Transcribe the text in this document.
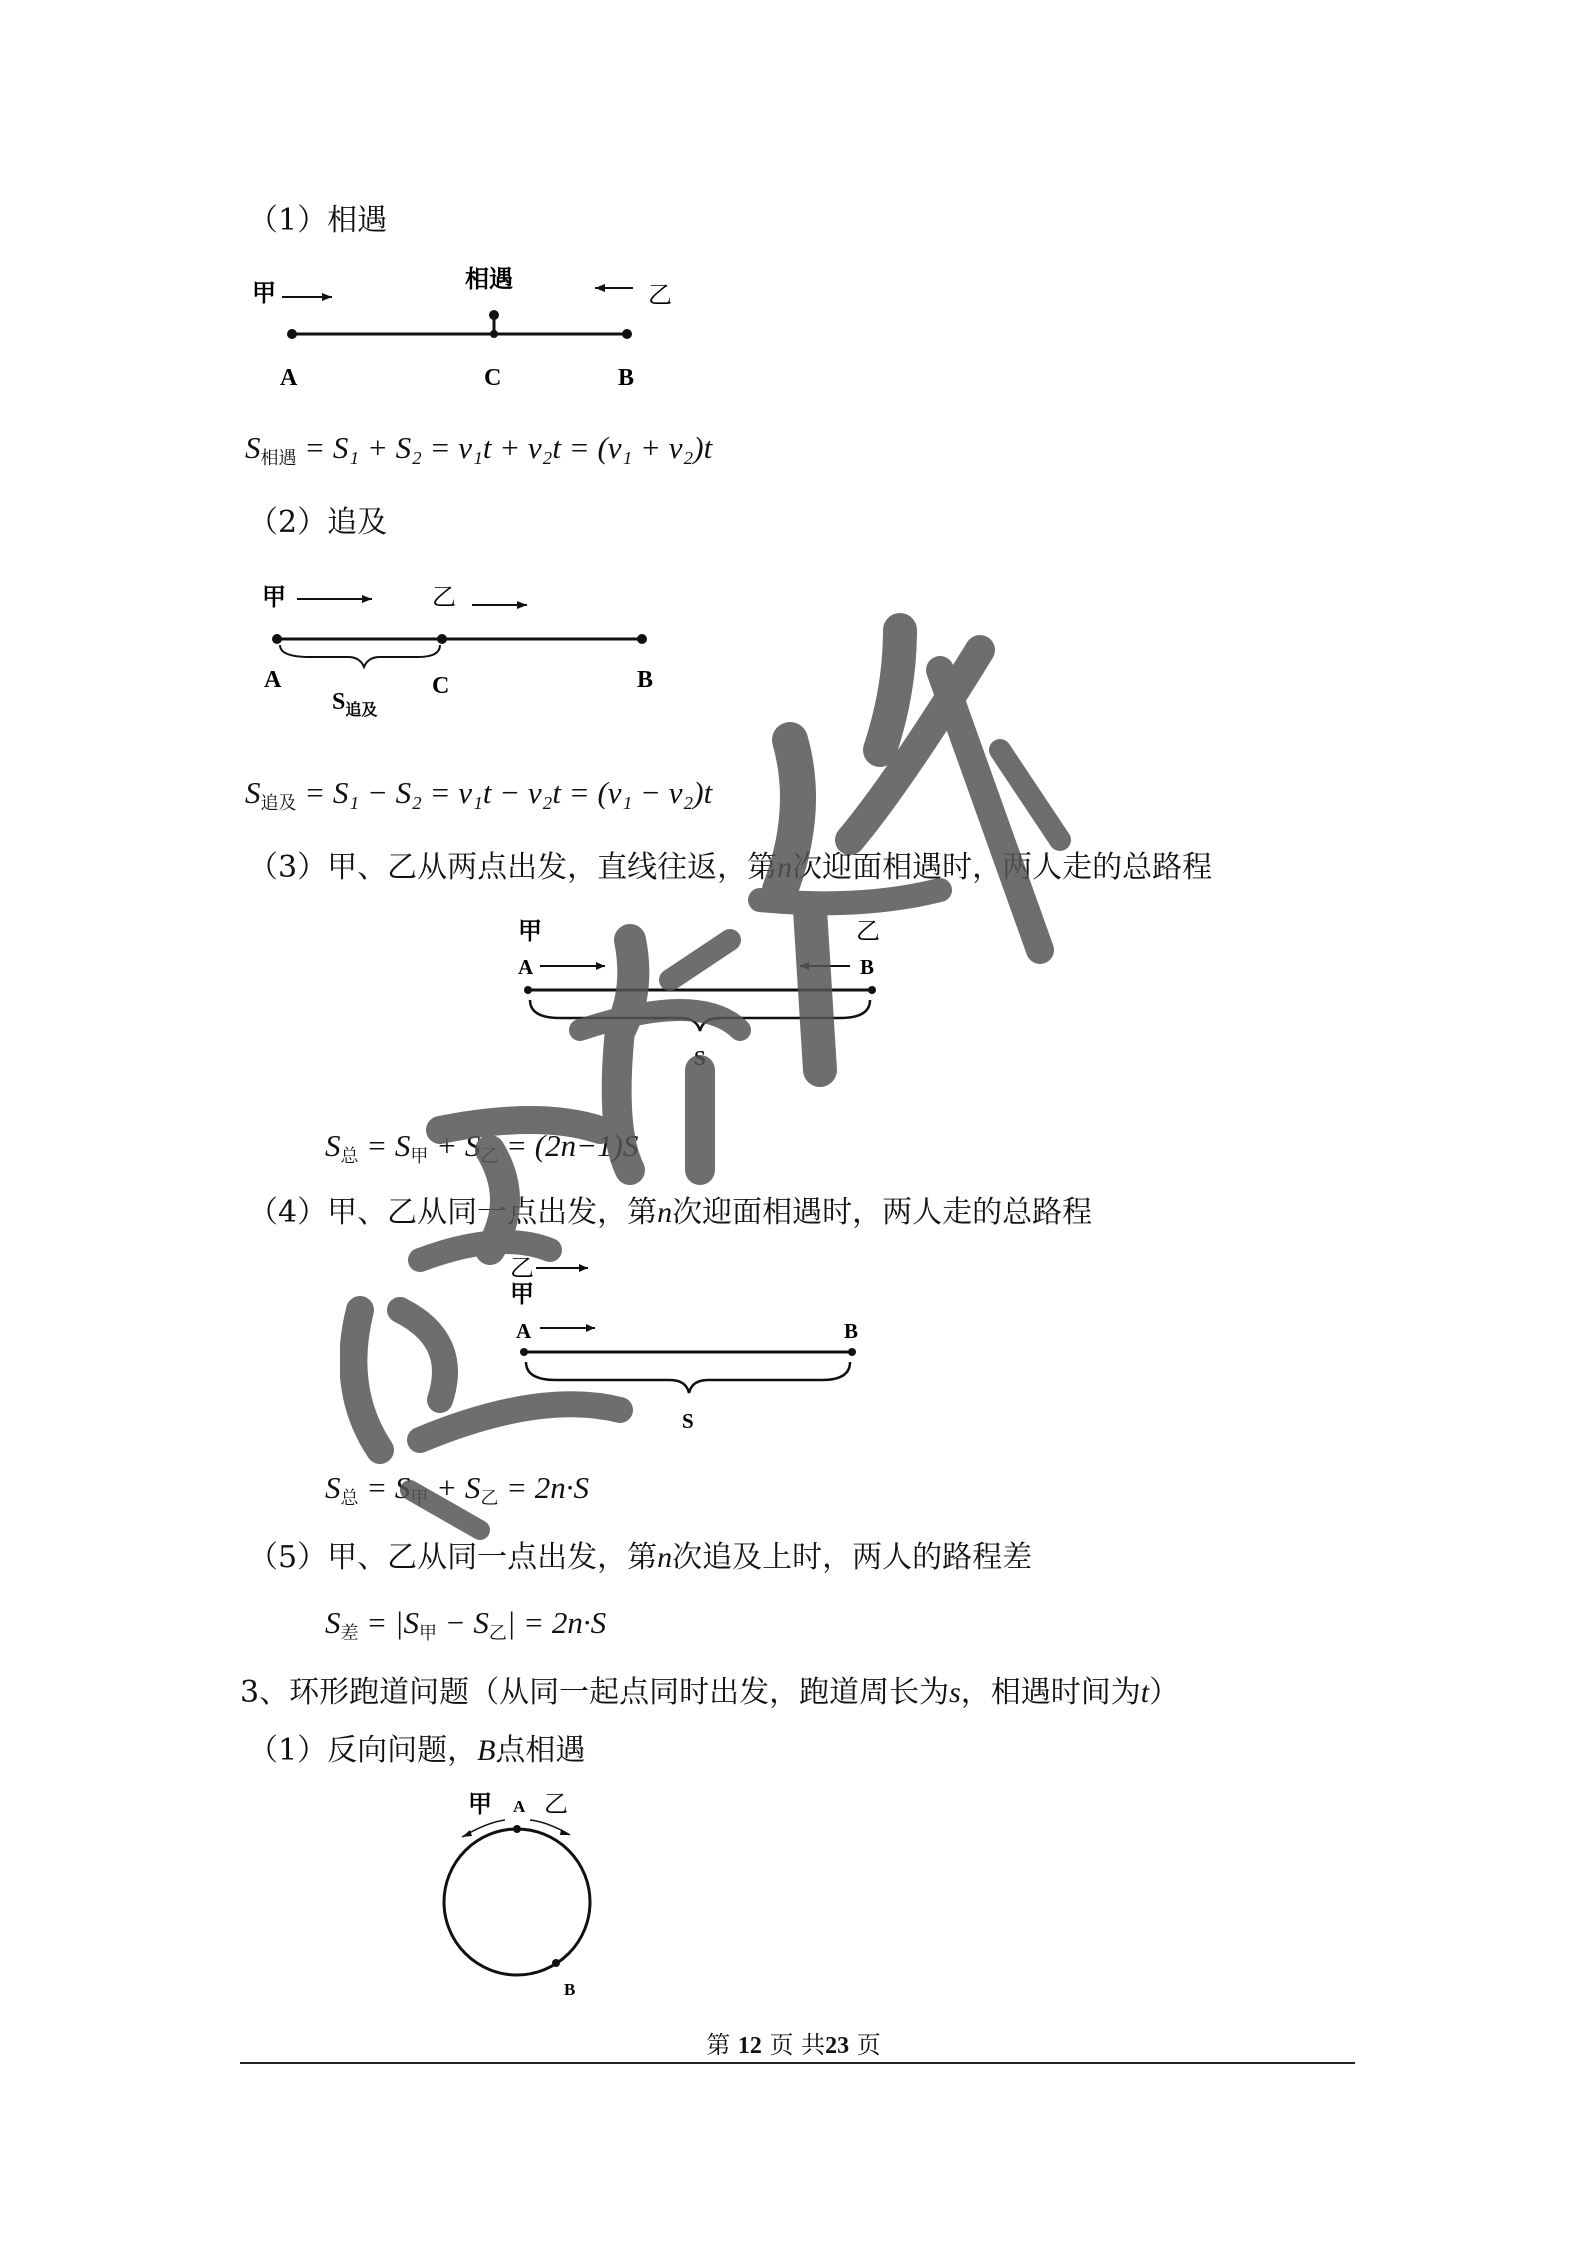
（1）相遇
甲	相遇
乙
A	C	B
$S_{相遇} = S_1 + S_2 = v_1t + v_2t = (v_1 + v_2)t$
（2）追及
甲	乙
A	C	B
$S_{追及}$
$S_{追及} = S_1 - S_2 = v_1t - v_2t = (v_1 - v_2)t$
（3）甲、乙从两点出发，直线往返，第n次迎面相遇时，两人走的总路程
甲	乙
A	B
S
$S_总 = S_甲 + S_乙 = (2n-1)S$
（4）甲、乙从同一点出发，第n次迎面相遇时，两人走的总路程
乙
甲
A	B
S
$S_总 = S_甲 + S_乙 = 2n\cdot S$
（5）甲、乙从同一点出发，第n次追及上时，两人的路程差
$S_差 = |S_甲 - S_乙| = 2n\cdot S$
3、环形跑道问题（从同一起点同时出发，跑道周长为s，相遇时间为t）
（1）反向问题，B点相遇
甲 A 乙
B
第 12 页 共23 页
